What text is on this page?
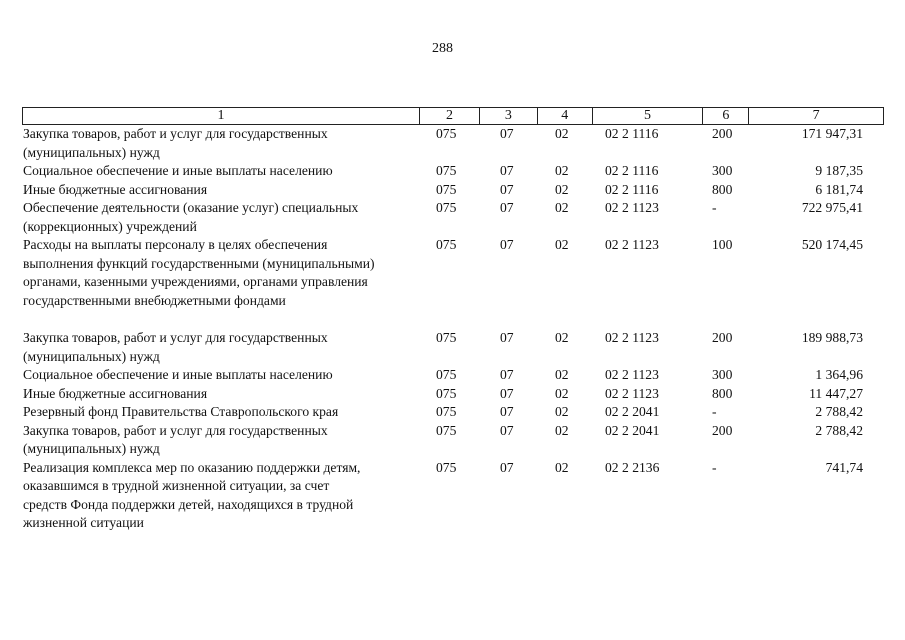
288
1	2	3	4	5	6	7
Закупка товаров, работ и услуг для государственных
(муниципальных) нужд
075	07	02	02 2 1116	200	171 947,31
Социальное обеспечение и иные выплаты населению	075	07	02	02 2 1116	300	9 187,35
Иные бюджетные ассигнования	075	07	02	02 2 1116	800	6 181,74
Обеспечение деятельности (оказание услуг) специальных
(коррекционных) учреждений
075	07	02	02 2 1123	-	722 975,41
Расходы на выплаты персоналу в целях обеспечения
выполнения функций государственными (муниципальными)
органами, казенными учреждениями, органами управления
государственными внебюджетными фондами
075	07	02	02 2 1123	100	520 174,45
Закупка товаров, работ и услуг для государственных
(муниципальных) нужд
075	07	02	02 2 1123	200	189 988,73
Социальное обеспечение и иные выплаты населению	075	07	02	02 2 1123	300	1 364,96
Иные бюджетные ассигнования	075	07	02	02 2 1123	800	11 447,27
Резервный фонд Правительства Ставропольского края	075	07	02	02 2 2041	-	2 788,42
Закупка товаров, работ и услуг для государственных
(муниципальных) нужд
075	07	02	02 2 2041	200	2 788,42
Реализация комплекса мер по оказанию поддержки детям,
оказавшимся в трудной жизненной ситуации, за счет
средств Фонда поддержки детей, находящихся в трудной
жизненной ситуации
075	07	02	02 2 2136	-	741,74
